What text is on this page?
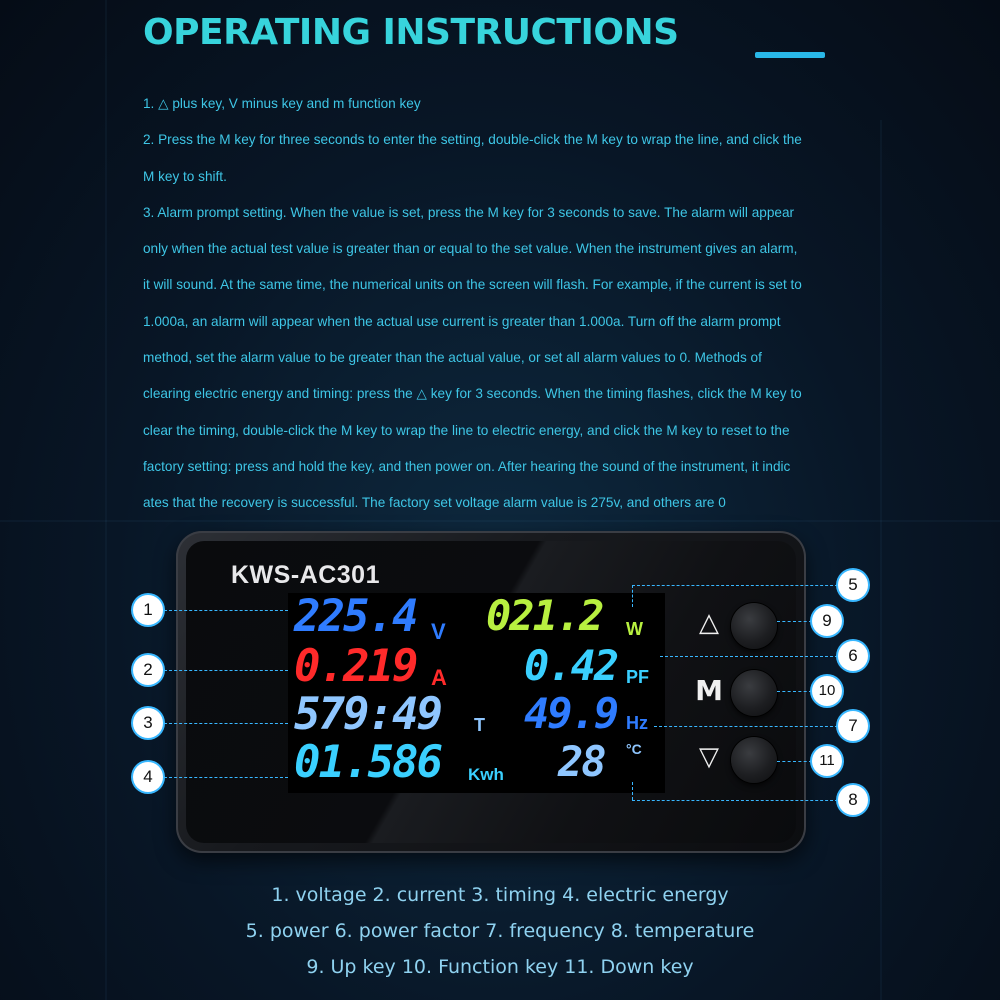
OPERATING INSTRUCTIONS

1. △ plus key, V minus key and m function key

2. Press the M key for three seconds to enter the setting, double-click the M key to wrap the line, and click the

M key to shift.

3. Alarm prompt setting. When the value is set, press the M key for 3 seconds to save. The alarm will appear

only when the actual test value is greater than or equal to the set value. When the instrument gives an alarm,

it will sound. At the same time, the numerical units on the screen will flash. For example, if the current is set to

1.000a, an alarm will appear when the actual use current is greater than 1.000a. Turn off the alarm prompt

method, set the alarm value to be greater than the actual value, or set all alarm values to 0. Methods of

clearing electric energy and timing: press the △ key for 3 seconds. When the timing flashes, click the M key to

clear the timing, double-click the M key to wrap the line to electric energy, and click the M key to reset to the

factory setting: press and hold the key, and then power on. After hearing the sound of the instrument, it indic

ates that the recovery is successful. The factory set voltage alarm value is 275v, and others are 0

KWS-AC301
225.4 V
0.219 A
579:49 T
01.586 Kwh
021.2 W
0.42 PF
49.9 Hz
28 °C
△
M
▽
1
2
3
4
5
6
7
8
9
10
11
1. voltage 2. current 3. timing 4. electric energy
5. power 6. power factor 7. frequency 8. temperature
9. Up key 10. Function key 11. Down key
